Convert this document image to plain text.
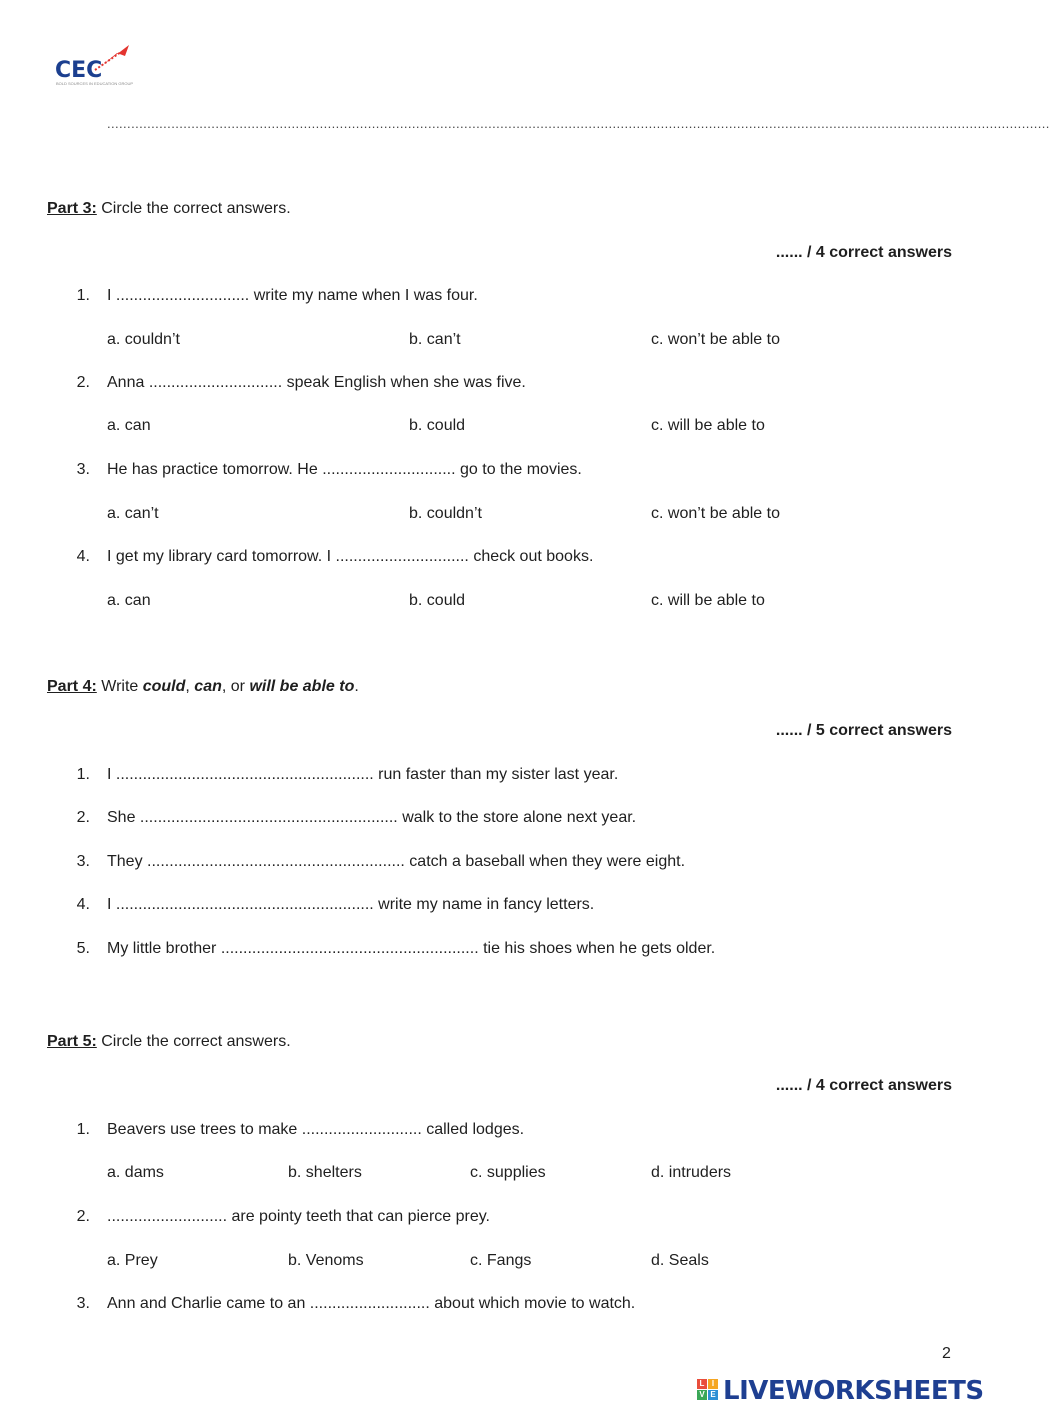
CEC
BOLD SOURCES IN EDUCATION GROUP
...........................................................................................................................................................................................................................................
Part 3: Circle the correct answers.
...... / 4 correct answers
1. I .............................. write my name when I was four.
a. couldn’t	b. can’t	c. won’t be able to
2. Anna .............................. speak English when she was five.
a. can	b. could	c. will be able to
3. He has practice tomorrow. He .............................. go to the movies.
a. can’t	b. couldn’t	c. won’t be able to
4. I get my library card tomorrow. I .............................. check out books.
a. can	b. could	c. will be able to
Part 4: Write could, can, or will be able to.
...... / 5 correct answers
1. I .......................................................... run faster than my sister last year.
2. She .......................................................... walk to the store alone next year.
3. They .......................................................... catch a baseball when they were eight.
4. I .......................................................... write my name in fancy letters.
5. My little brother .......................................................... tie his shoes when he gets older.
Part 5: Circle the correct answers.
...... / 4 correct answers
1. Beavers use trees to make ........................... called lodges.
a. dams	b. shelters	c. supplies	d. intruders
2. ........................... are pointy teeth that can pierce prey.
a. Prey	b. Venoms	c. Fangs	d. Seals
3. Ann and Charlie came to an ........................... about which movie to watch.
2
L I
V E LIVEWORKSHEETS
